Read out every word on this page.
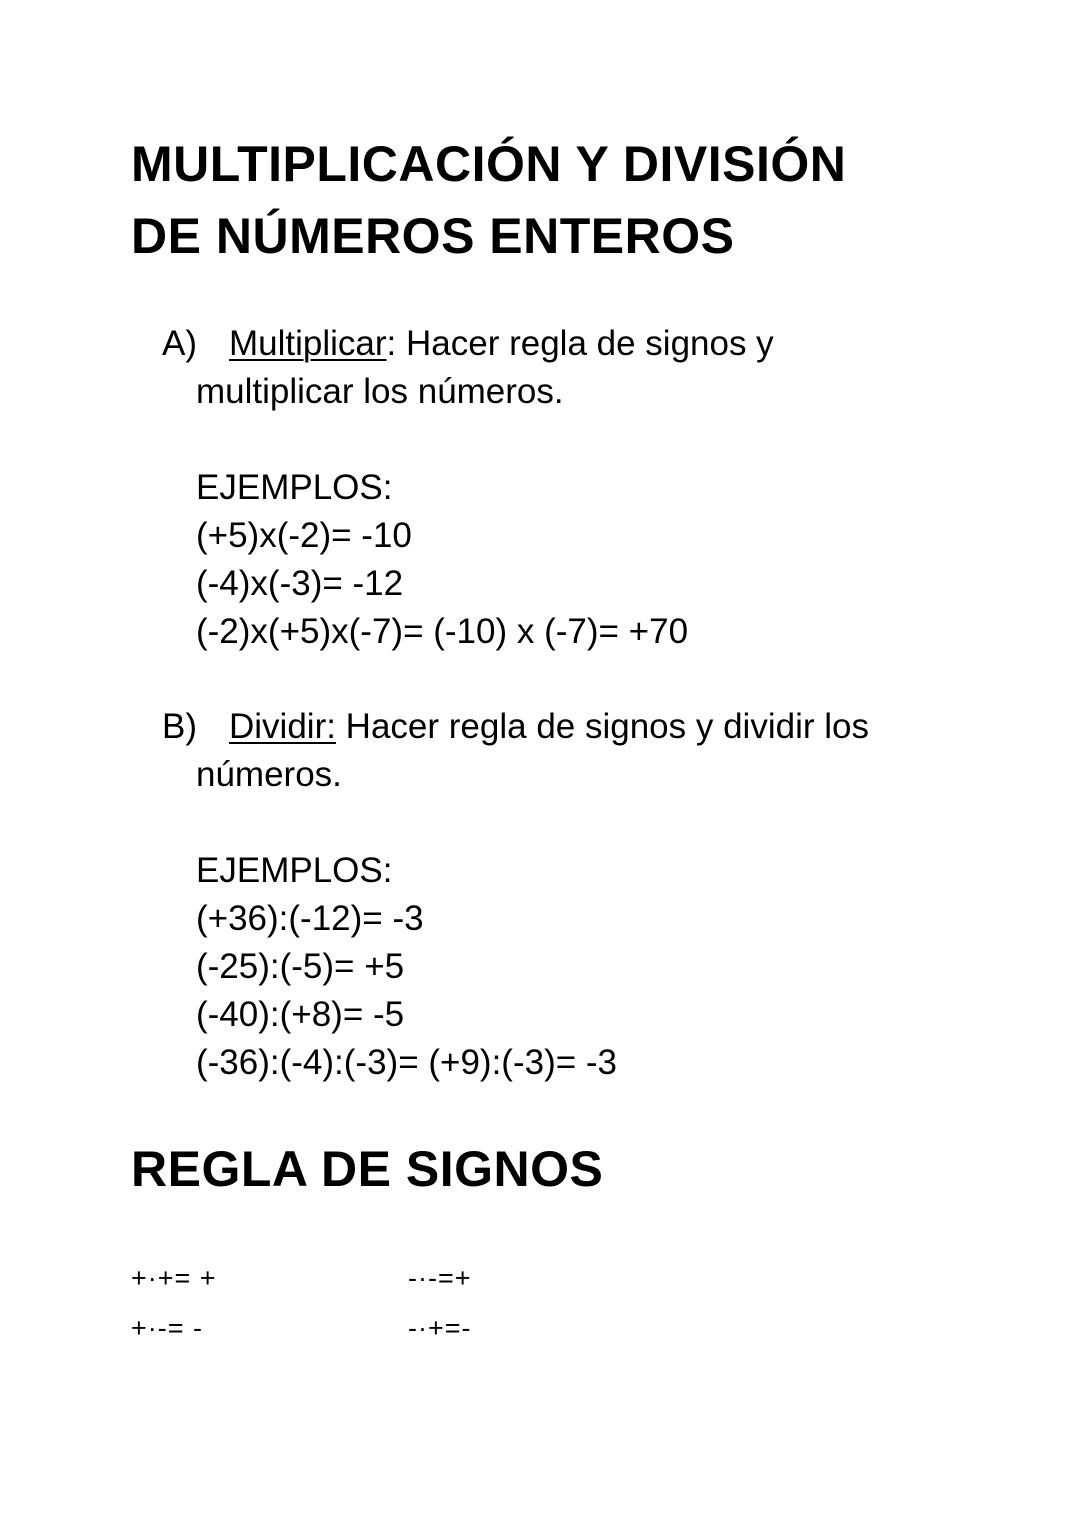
MULTIPLICACIÓN Y DIVISIÓN
DE NÚMEROS ENTEROS
A) Multiplicar: Hacer regla de signos y
multiplicar los números.
EJEMPLOS:
(+5)x(-2)= -10
(-4)x(-3)= -12
(-2)x(+5)x(-7)= (-10) x (-7)= +70
B) Dividir: Hacer regla de signos y dividir los
números.
EJEMPLOS:
(+36):(-12)= -3
(-25):(-5)= +5
(-40):(+8)= -5
(-36):(-4):(-3)= (+9):(-3)= -3
REGLA DE SIGNOS
+·+= +	-·-=+
+·-= -	-·+=-
